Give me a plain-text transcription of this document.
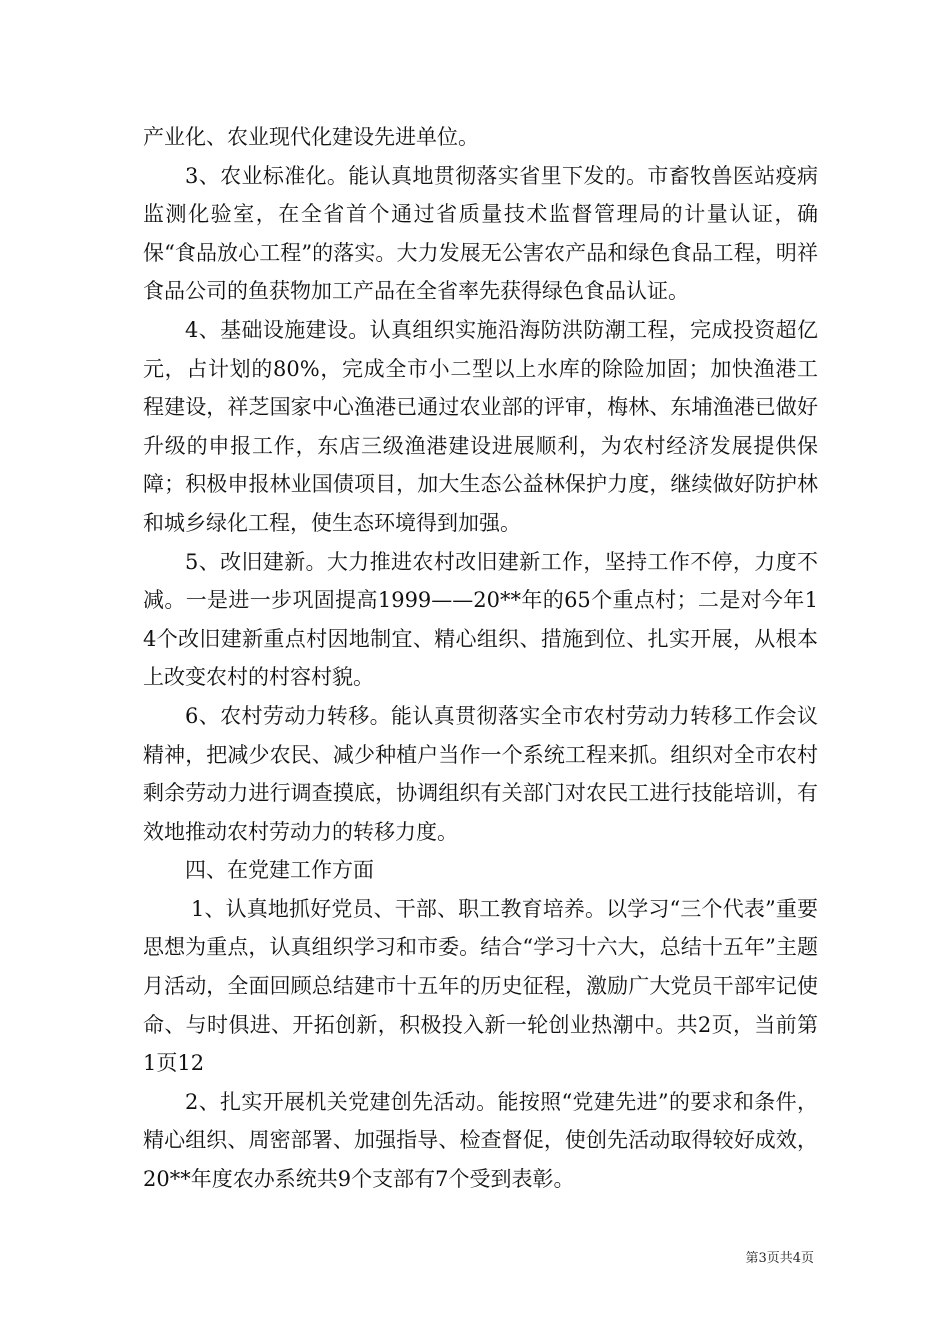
产业化、农业现代化建设先进单位。

3、农业标准化。能认真地贯彻落实省里下发的。市畜牧兽医站疫病监测化验室，在全省首个通过省质量技术监督管理局的计量认证，确保“食品放心工程”的落实。大力发展无公害农产品和绿色食品工程，明祥食品公司的鱼获物加工产品在全省率先获得绿色食品认证。

4、基础设施建设。认真组织实施沿海防洪防潮工程，完成投资超亿元，占计划的80%，完成全市小二型以上水库的除险加固；加快渔港工程建设，祥芝国家中心渔港已通过农业部的评审，梅林、东埔渔港已做好升级的申报工作，东店三级渔港建设进展顺利，为农村经济发展提供保障；积极申报林业国债项目，加大生态公益林保护力度，继续做好防护林和城乡绿化工程，使生态环境得到加强。

5、改旧建新。大力推进农村改旧建新工作，坚持工作不停，力度不减。一是进一步巩固提高1999——20**年的65个重点村；二是对今年14个改旧建新重点村因地制宜、精心组织、措施到位、扎实开展，从根本上改变农村的村容村貌。

6、农村劳动力转移。能认真贯彻落实全市农村劳动力转移工作会议精神，把减少农民、减少种植户当作一个系统工程来抓。组织对全市农村剩余劳动力进行调查摸底，协调组织有关部门对农民工进行技能培训，有效地推动农村劳动力的转移力度。

四、在党建工作方面

1、认真地抓好党员、干部、职工教育培养。以学习“三个代表”重要思想为重点，认真组织学习和市委。结合“学习十六大，总结十五年”主题月活动，全面回顾总结建市十五年的历史征程，激励广大党员干部牢记使命、与时俱进、开拓创新，积极投入新一轮创业热潮中。共2页，当前第1页12

2、扎实开展机关党建创先活动。能按照“党建先进”的要求和条件，精心组织、周密部署、加强指导、检查督促，使创先活动取得较好成效，20**年度农办系统共9个支部有7个受到表彰。

第3页共4页
